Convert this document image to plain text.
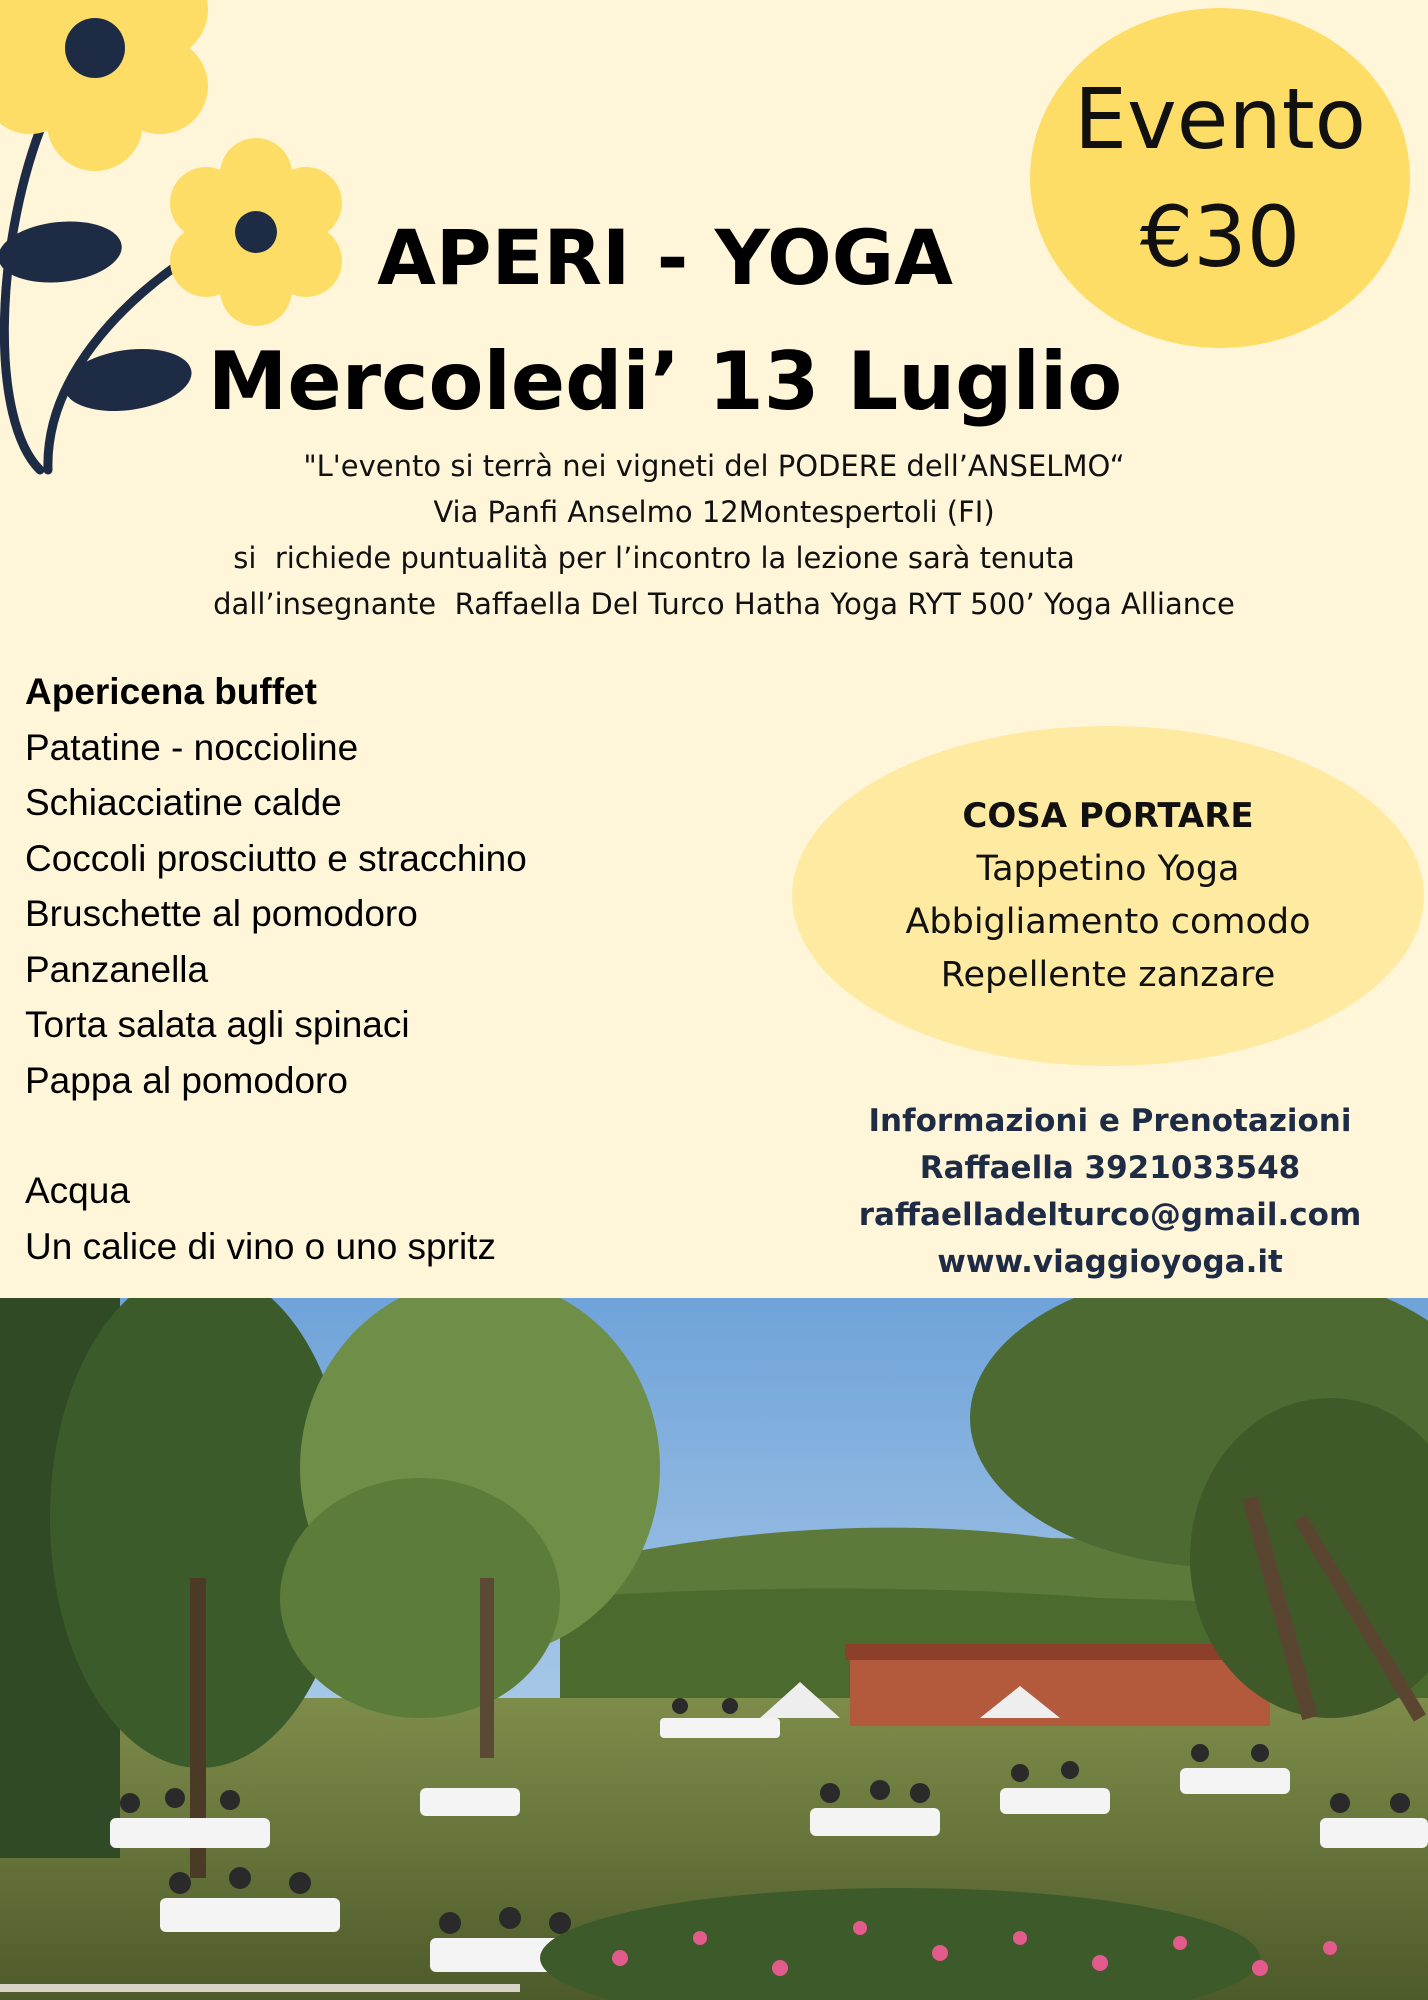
Evento
€30
APERI - YOGA
Mercoledi’ 13 Luglio
"L'evento si terrà nei vigneti del PODERE dell’ANSELMO“
Via Panfi Anselmo 12Montespertoli (FI)
si  richiede puntualità per l’incontro la lezione sarà tenuta
dall’insegnante  Raffaella Del Turco Hatha Yoga RYT 500’ Yoga Alliance
Apericena buffet
Patatine - noccioline
Schiacciatine calde
Coccoli prosciutto e stracchino
Bruschette al pomodoro
Panzanella
Torta salata agli spinaci
Pappa al pomodoro
Acqua
Un calice di vino o uno spritz
COSA PORTARE
Tappetino Yoga
Abbigliamento comodo
Repellente zanzare
Informazioni e Prenotazioni
Raffaella 3921033548
raffaelladelturco@gmail.com
www.viaggioyoga.it
